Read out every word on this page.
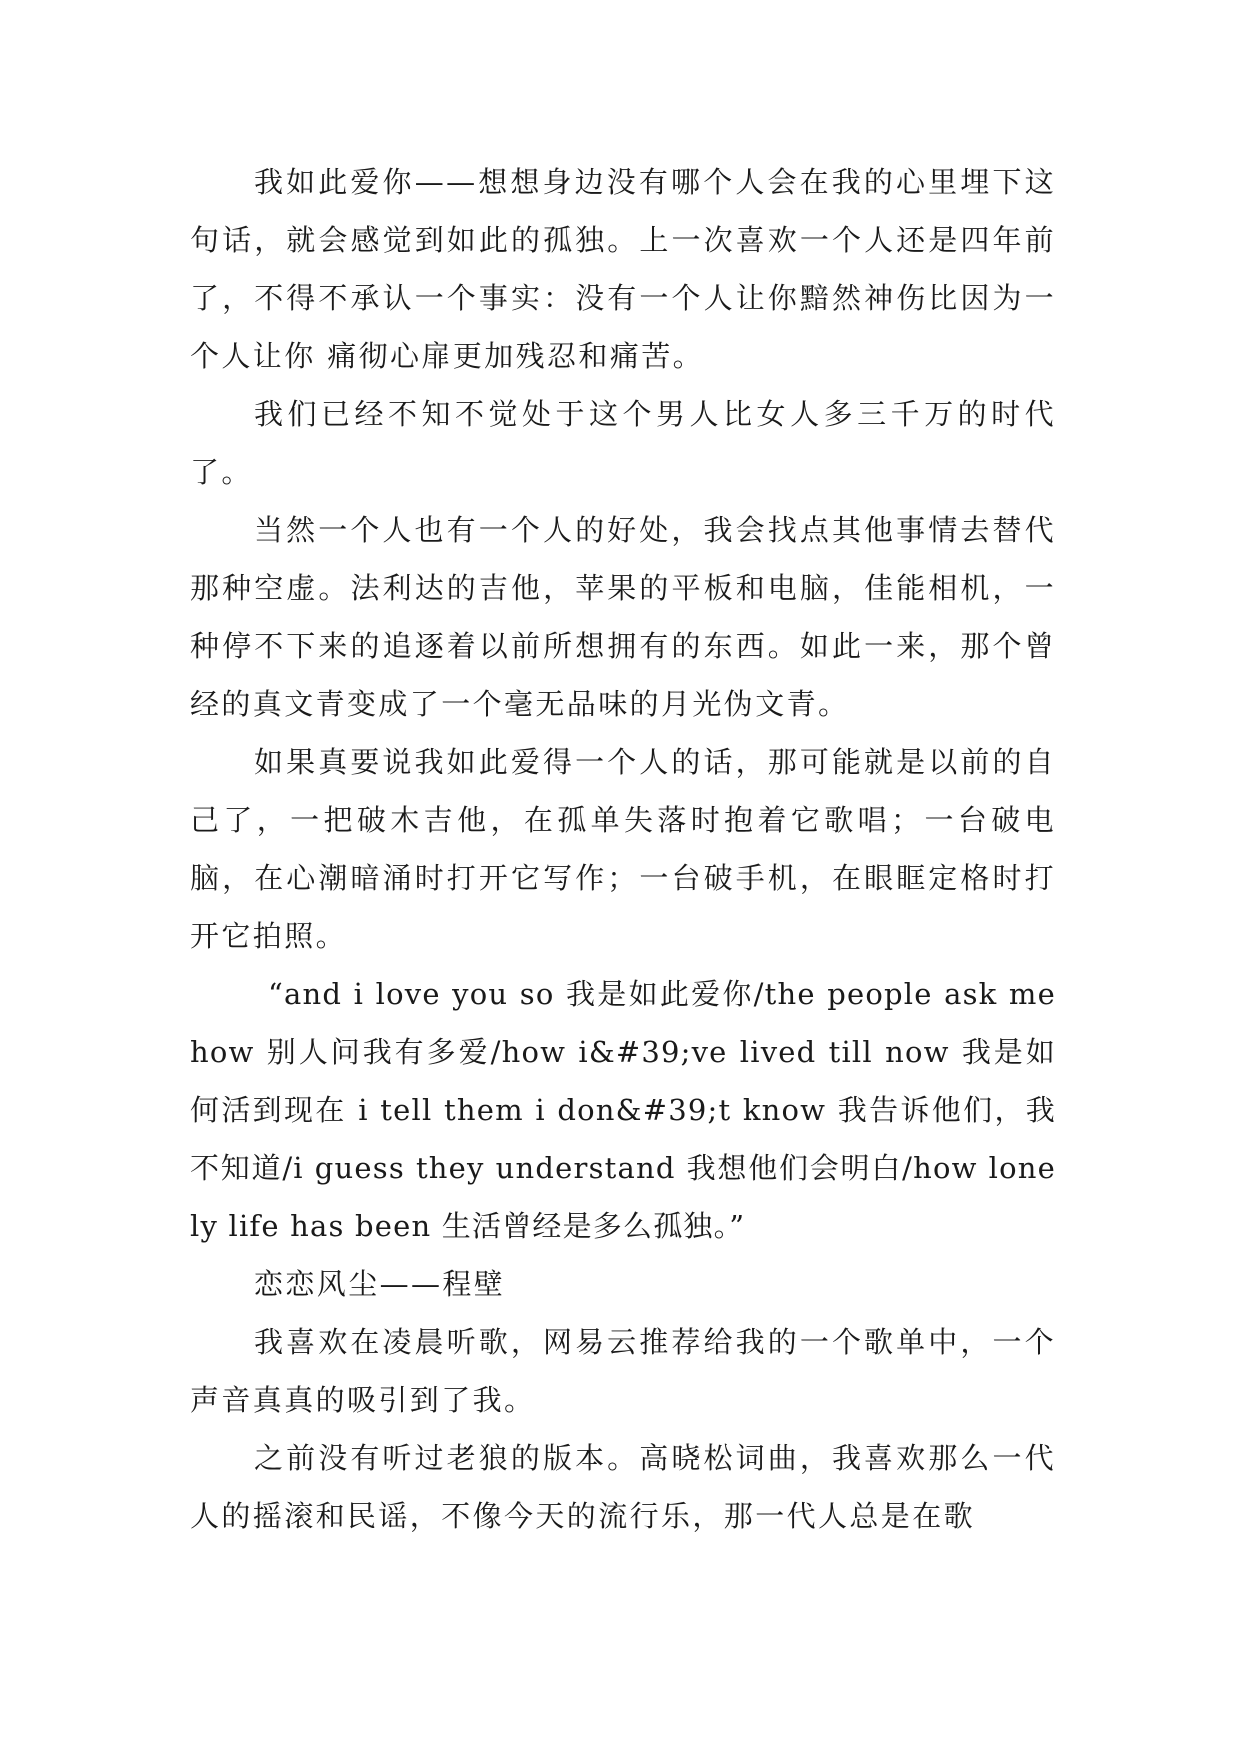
我如此爱你——想想身边没有哪个人会在我的心里埋下这句话，就会感觉到如此的孤独。上一次喜欢一个人还是四年前了，不得不承认一个事实：没有一个人让你黯然神伤比因为一个人让你 痛彻心扉更加残忍和痛苦。

我们已经不知不觉处于这个男人比女人多三千万的时代了。

当然一个人也有一个人的好处，我会找点其他事情去替代那种空虚。法利达的吉他，苹果的平板和电脑，佳能相机，一种停不下来的追逐着以前所想拥有的东西。如此一来，那个曾经的真文青变成了一个毫无品味的月光伪文青。

如果真要说我如此爱得一个人的话，那可能就是以前的自己了，一把破木吉他，在孤单失落时抱着它歌唱；一台破电脑，在心潮暗涌时打开它写作；一台破手机，在眼眶定格时打开它拍照。

“and i love you so 我是如此爱你/the people ask me how 别人问我有多爱/how i&#39;ve lived till now 我是如何活到现在 i tell them i don&#39;t know 我告诉他们，我不知道/i guess they understand 我想他们会明白/how lonely life has been 生活曾经是多么孤独。”

恋恋风尘——程壁

我喜欢在凌晨听歌，网易云推荐给我的一个歌单中，一个声音真真的吸引到了我。

之前没有听过老狼的版本。高晓松词曲，我喜欢那么一代人的摇滚和民谣，不像今天的流行乐，那一代人总是在歌
